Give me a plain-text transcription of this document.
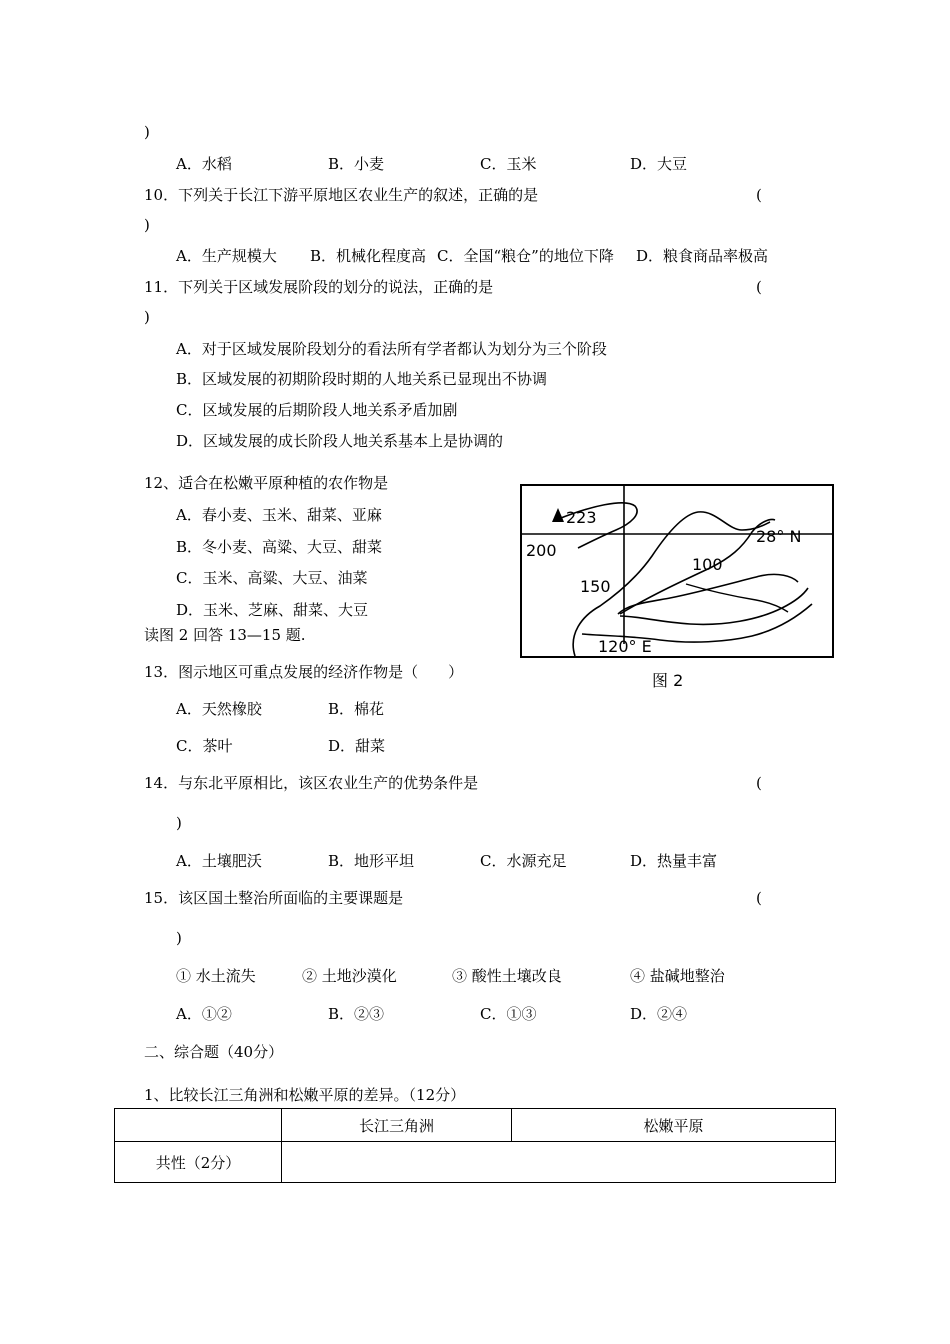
)
A．水稻	B．小麦	C．玉米	D．大豆
10．下列关于长江下游平原地区农业生产的叙述，正确的是	(
)
A．生产规模大 B．机械化程度高 C．全国“粮仓”的地位下降 D．粮食商品率极高
11．下列关于区域发展阶段的划分的说法，正确的是	(
)
A．对于区域发展阶段划分的看法所有学者都认为划分为三个阶段
B．区域发展的初期阶段时期的人地关系已显现出不协调
C．区域发展的后期阶段人地关系矛盾加剧
D．区域发展的成长阶段人地关系基本上是协调的
12、适合在松嫩平原种植的农作物是
A．春小麦、玉米、甜菜、亚麻
B．冬小麦、高粱、大豆、甜菜
C．玉米、高粱、大豆、油菜
D．玉米、芝麻、甜菜、大豆
读图 2 回答 13—15 题.
223
200
150
100
28° N
120° E
图 2
13．图示地区可重点发展的经济作物是（　　）
A．天然橡胶	B．棉花
C．茶叶	D．甜菜
14．与东北平原相比，该区农业生产的优势条件是	(
)
A．土壤肥沃	B．地形平坦	C．水源充足	D．热量丰富
15．该区国土整治所面临的主要课题是	(
)
① 水土流失	② 土地沙漠化	③ 酸性土壤改良	④ 盐碱地整治
A．①②	B．②③	C．①③	D．②④
二、综合题（40分）
1、比较长江三角洲和松嫩平原的差异。（12分）
	长江三角洲	松嫩平原
共性（2分）		
